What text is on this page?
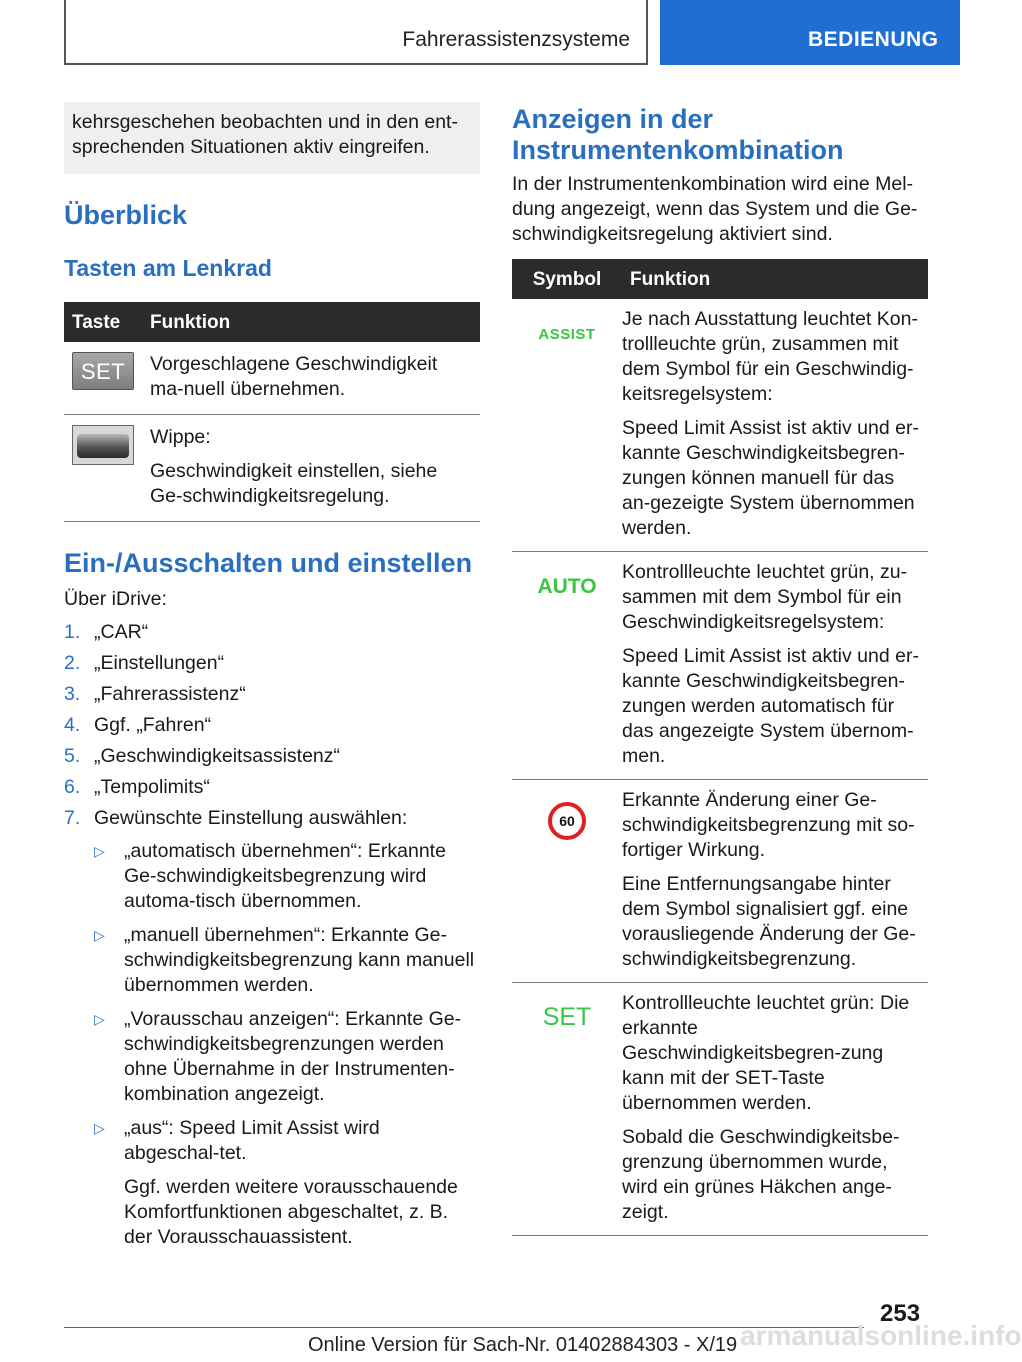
Fahrerassistenzsysteme	BEDIENUNG

kehrsgeschehen beobachten und in den ent-sprechenden Situationen aktiv eingreifen.

Überblick
Tasten am Lenkrad
Taste	Funktion

SET	Vorgeschlagene Geschwindigkeit ma-nuell übernehmen.

	Wippe:

Geschwindigkeit einstellen, siehe Ge-schwindigkeitsregelung.

Ein-/Ausschalten und einstellen

Über iDrive:

1. „CAR“
2. „Einstellungen“
3. „Fahrerassistenz“
4. Ggf. „Fahren“
5. „Geschwindigkeitsassistenz“
6. „Tempolimits“
7. Gewünschte Einstellung auswählen:
▷ „automatisch übernehmen“: Erkannte Ge-schwindigkeitsbegrenzung wird automa-tisch übernommen.

▷ „manuell übernehmen“: Erkannte Ge-schwindigkeitsbegrenzung kann manuell übernommen werden.

▷ „Vorausschau anzeigen“: Erkannte Ge-schwindigkeitsbegrenzungen werden ohne Übernahme in der Instrumenten-kombination angezeigt.

▷ „aus“: Speed Limit Assist wird abgeschal-tet.

Ggf. werden weitere vorausschauende Komfortfunktionen abgeschaltet, z. B. der Vorausschauassistent.

Anzeigen in der Instrumentenkombination

In der Instrumentenkombination wird eine Mel-dung angezeigt, wenn das System und die Ge-schwindigkeitsregelung aktiviert sind.

Symbol	Funktion
ASSIST	Je nach Ausstattung leuchtet Kon-trollleuchte grün, zusammen mit dem Symbol für ein Geschwindig-keitsregelsystem:

Speed Limit Assist ist aktiv und er-kannte Geschwindigkeitsbegren-zungen können manuell für das an-gezeigte System übernommen werden.

AUTO	Kontrollleuchte leuchtet grün, zu-sammen mit dem Symbol für ein Geschwindigkeitsregelsystem:

Speed Limit Assist ist aktiv und er-kannte Geschwindigkeitsbegren-zungen werden automatisch für das angezeigte System übernom-men.

60	Erkannte Änderung einer Ge-schwindigkeitsbegrenzung mit so-fortiger Wirkung.

Eine Entfernungsangabe hinter dem Symbol signalisiert ggf. eine vorausliegende Änderung der Ge-schwindigkeitsbegrenzung.

SET	Kontrollleuchte leuchtet grün: Die erkannte Geschwindigkeitsbegren-zung kann mit der SET-Taste übernommen werden.

Sobald die Geschwindigkeitsbe-grenzung übernommen wurde, wird ein grünes Häkchen ange-zeigt.

253
armanualsonline.info
Online Version für Sach-Nr. 01402884303 - X/19
